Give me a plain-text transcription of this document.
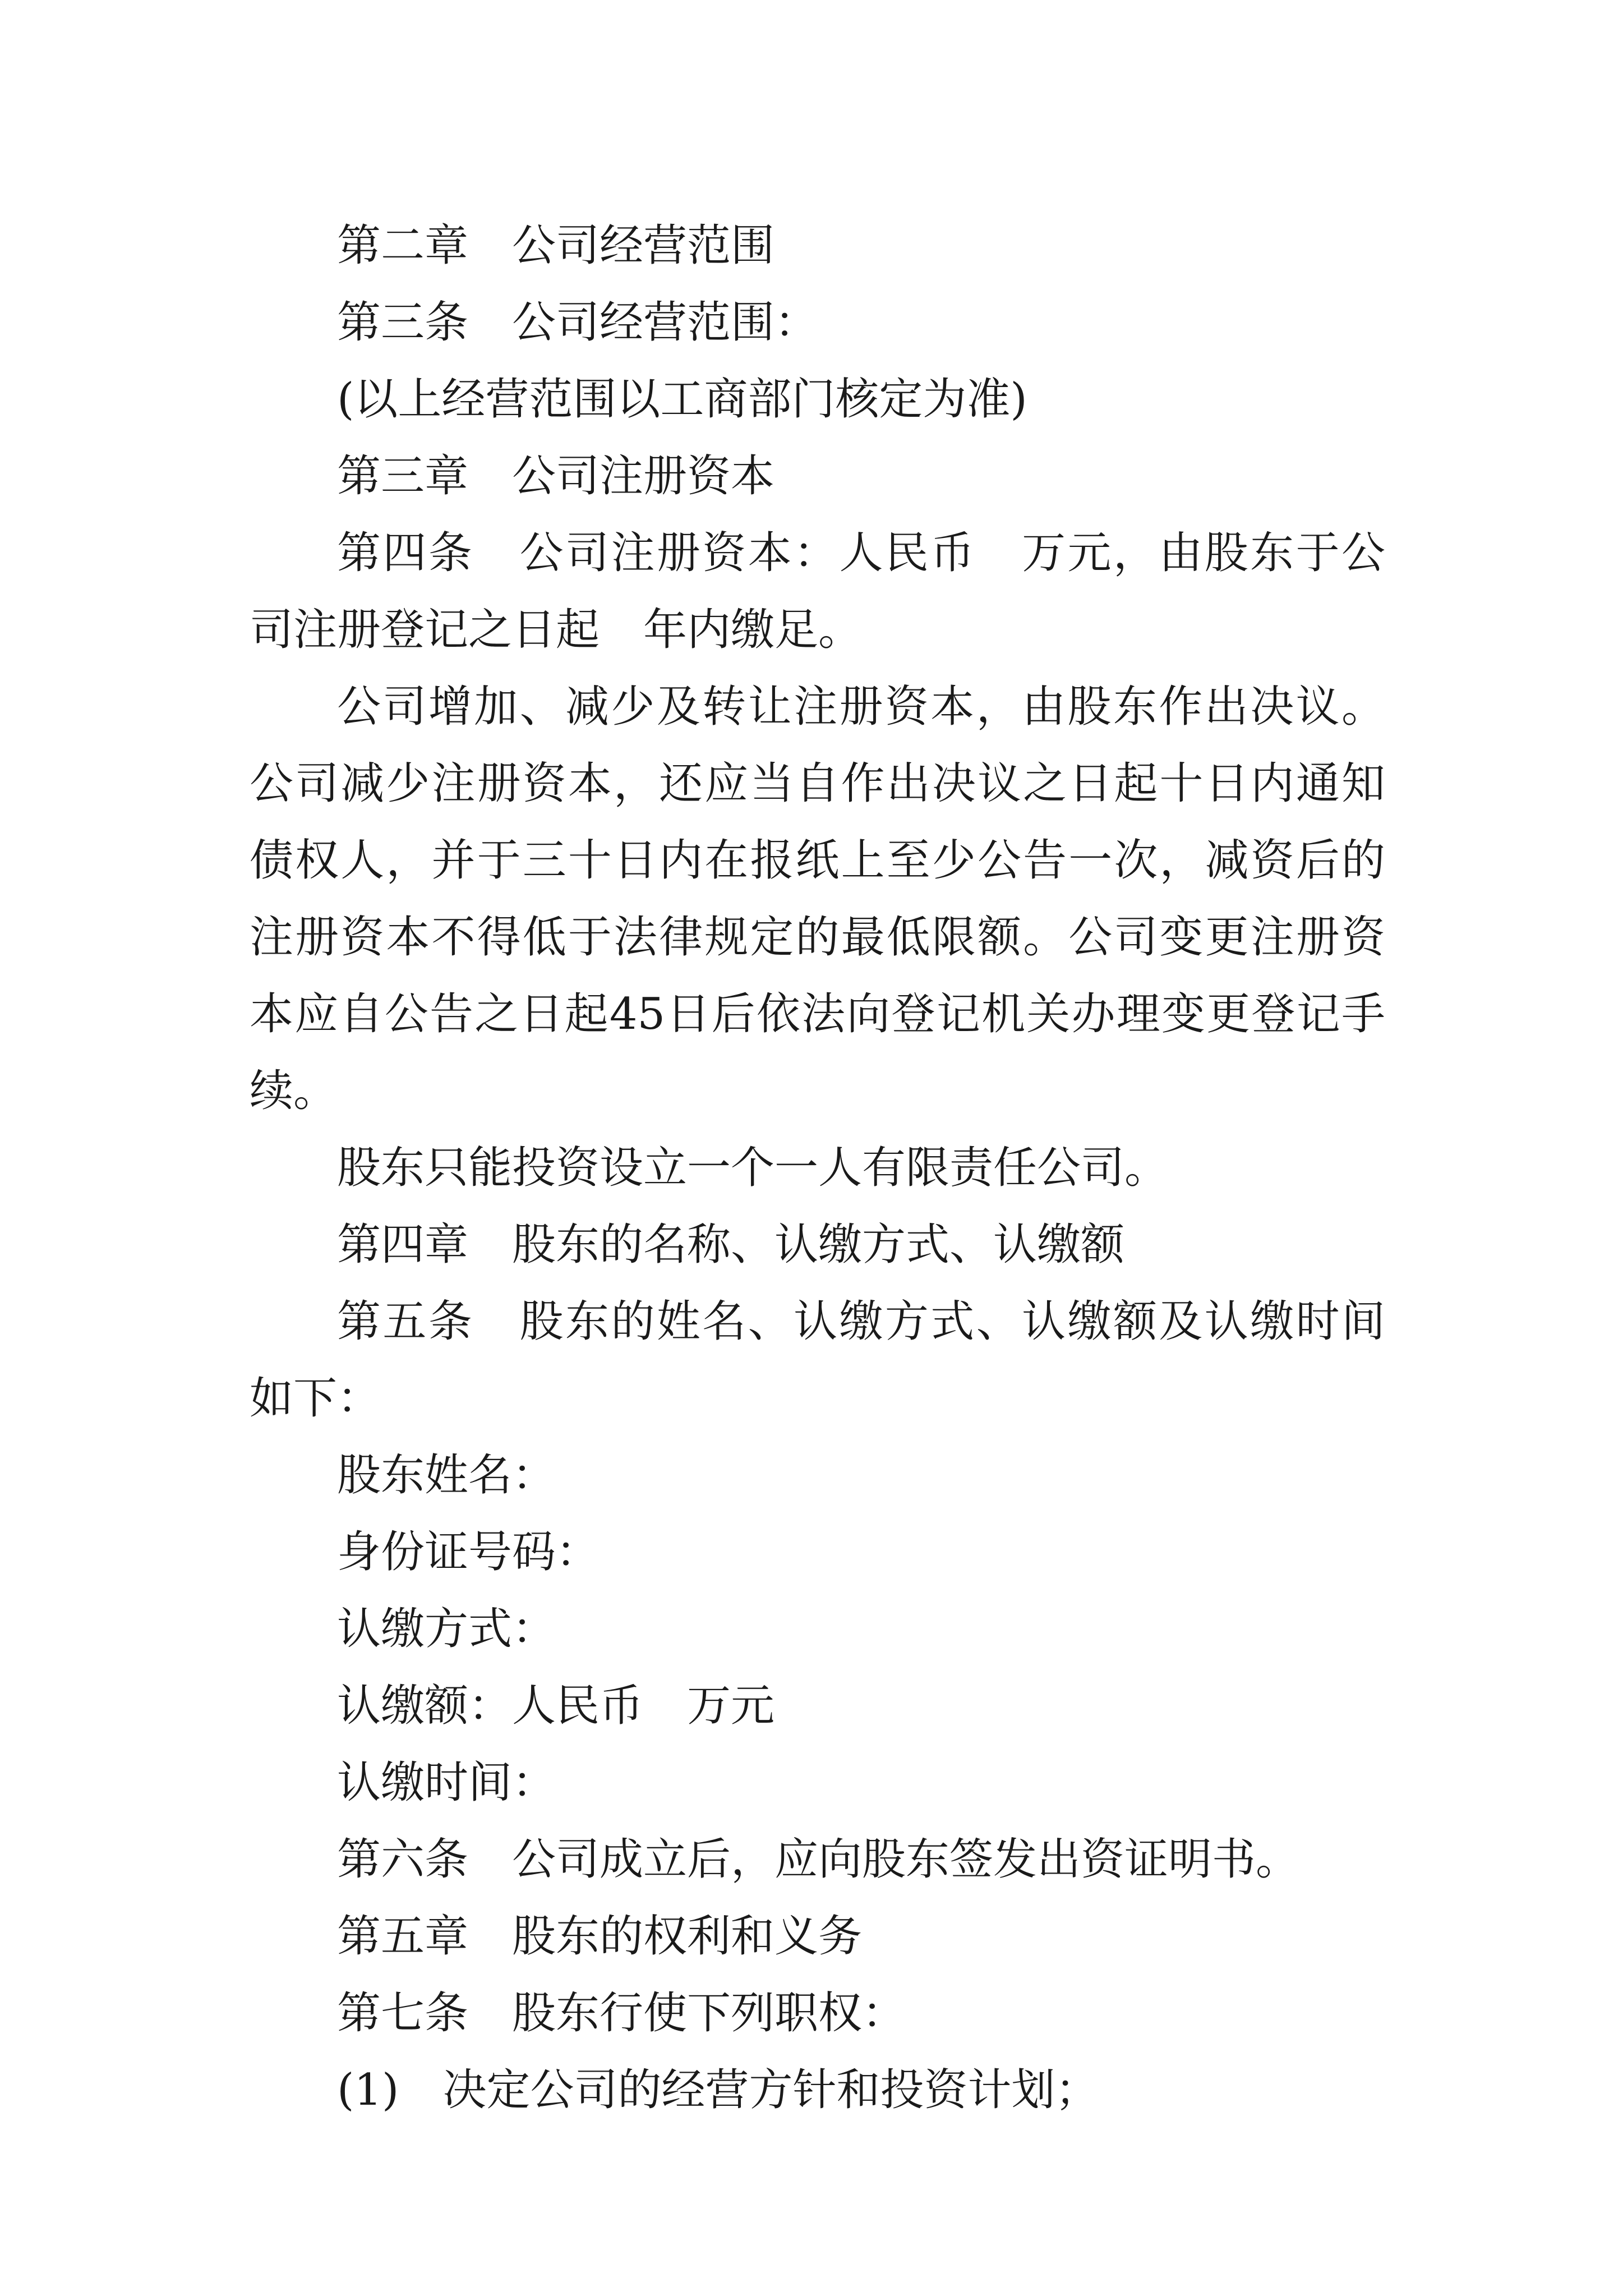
第二章　公司经营范围

第三条　公司经营范围：

(以上经营范围以工商部门核定为准)

第三章　公司注册资本

第四条　公司注册资本：人民币　万元，由股东于公司注册登记之日起　年内缴足。

公司增加、减少及转让注册资本，由股东作出决议。公司减少注册资本，还应当自作出决议之日起十日内通知债权人，并于三十日内在报纸上至少公告一次，减资后的注册资本不得低于法律规定的最低限额。公司变更注册资本应自公告之日起45日后依法向登记机关办理变更登记手续。

股东只能投资设立一个一人有限责任公司。

第四章　股东的名称、认缴方式、认缴额

第五条　股东的姓名、认缴方式、认缴额及认缴时间如下：

股东姓名：

身份证号码：

认缴方式：

认缴额：人民币　万元

认缴时间：

第六条　公司成立后，应向股东签发出资证明书。

第五章　股东的权利和义务

第七条　股东行使下列职权：

(1)　决定公司的经营方针和投资计划；
